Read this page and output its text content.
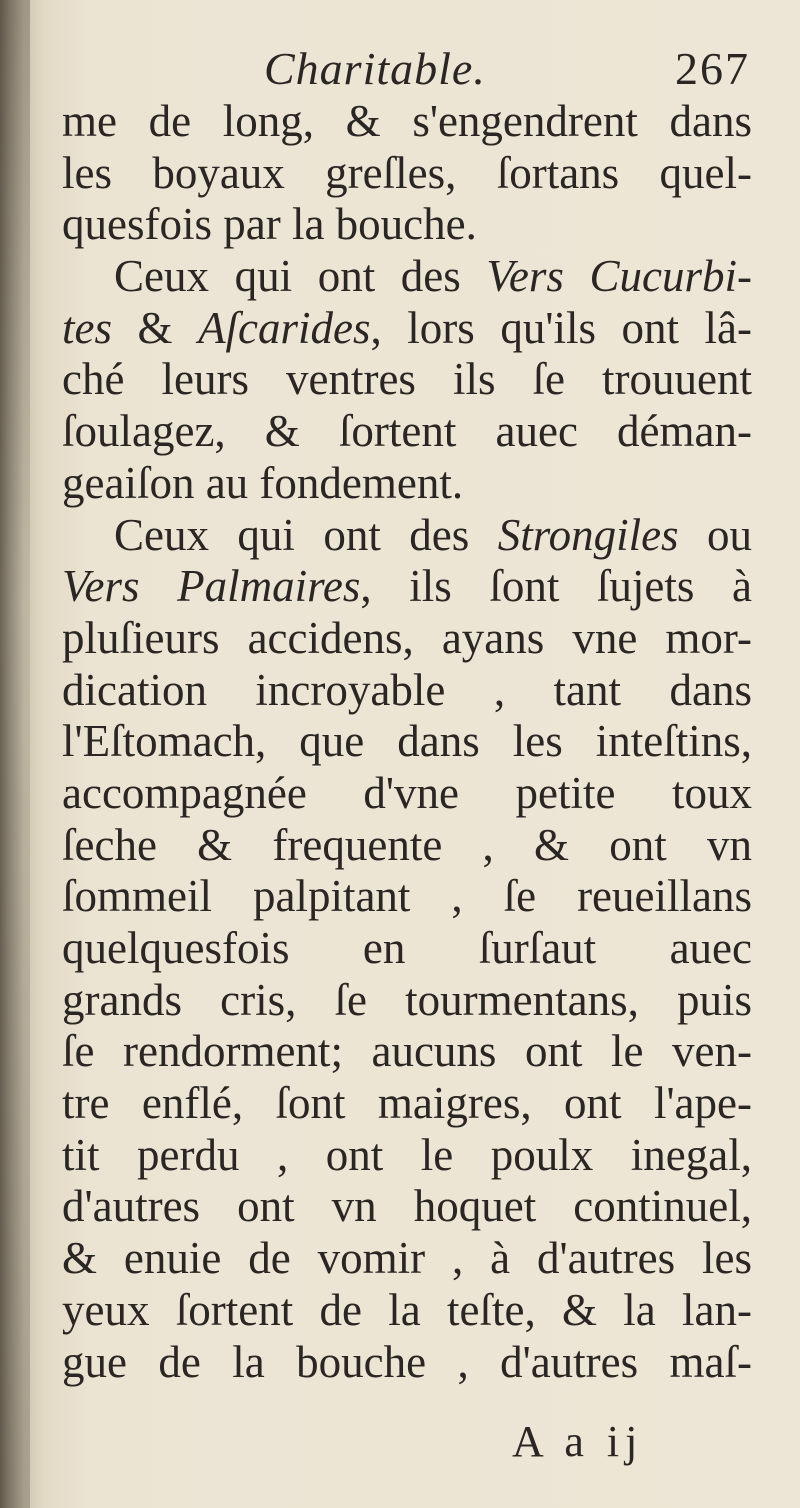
Charitable.	267
me de long, & s'engendrent dans
les boyaux greſles, ſortans quel-
quesfois par la bouche.
Ceux qui ont des Vers Cucurbi-
tes & Aſcarides, lors qu'ils ont lâ-
ché leurs ventres ils ſe trouuent
ſoulagez, & ſortent auec déman-
geaiſon au fondement.
Ceux qui ont des Strongiles ou
Vers Palmaires, ils ſont ſujets à
pluſieurs accidens, ayans vne mor-
dication incroyable , tant dans
l'Eſtomach, que dans les inteſtins,
accompagnée d'vne petite toux
ſeche & frequente , & ont vn
ſommeil palpitant , ſe reueillans
quelquesfois en ſurſaut auec
grands cris, ſe tourmentans, puis
ſe rendorment; aucuns ont le ven-
tre enflé, ſont maigres, ont l'ape-
tit perdu , ont le poulx inegal,
d'autres ont vn hoquet continuel,
& enuie de vomir , à d'autres les
yeux ſortent de la teſte, & la lan-
gue de la bouche , d'autres maſ-
A a ij
